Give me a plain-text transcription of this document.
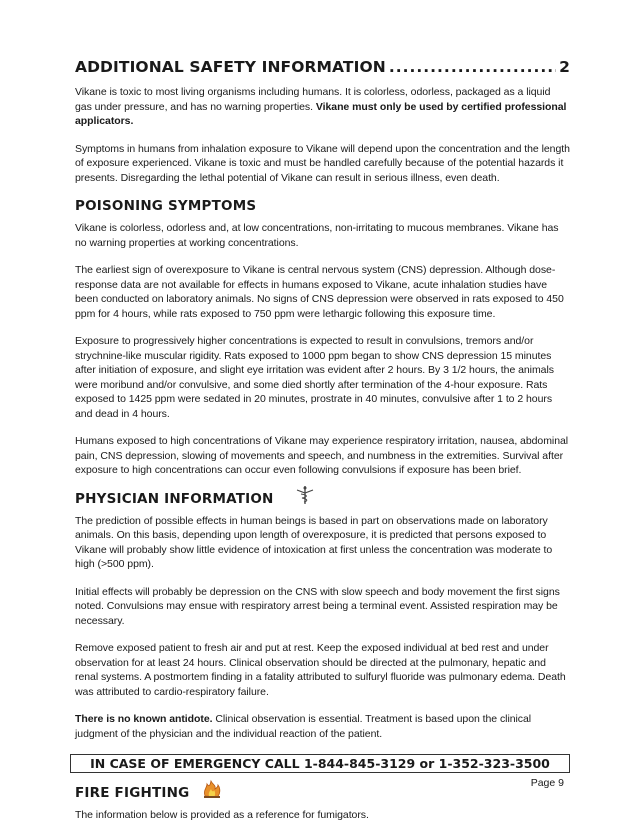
ADDITIONAL SAFETY INFORMATION
.....	2

Vikane is toxic to most living organisms including humans. It is colorless, odorless, packaged as a liquid gas under pressure, and has no warning properties. Vikane must only be used by certified professional applicators.

Symptoms in humans from inhalation exposure to Vikane will depend upon the concentration and the length of exposure experienced. Vikane is toxic and must be handled carefully because of the potential hazards it presents. Disregarding the lethal potential of Vikane can result in serious illness, even death.

POISONING SYMPTOMS

Vikane is colorless, odorless and, at low concentrations, non-irritating to mucous membranes. Vikane has no warning properties at working concentrations.

The earliest sign of overexposure to Vikane is central nervous system (CNS) depression. Although dose-response data are not available for effects in humans exposed to Vikane, acute inhalation studies have been conducted on laboratory animals. No signs of CNS depression were observed in rats exposed to 450 ppm for 4 hours, while rats exposed to 750 ppm were lethargic following this exposure time.

Exposure to progressively higher concentrations is expected to result in convulsions, tremors and/or strychnine-like muscular rigidity. Rats exposed to 1000 ppm began to show CNS depression 15 minutes after initiation of exposure, and slight eye irritation was evident after 2 hours. By 3 1/2 hours, the animals were moribund and/or convulsive, and some died shortly after termination of the 4-hour exposure. Rats exposed to 1425 ppm were sedated in 20 minutes, prostrate in 40 minutes, convulsive after 1 to 2 hours and dead in 4 hours.

Humans exposed to high concentrations of Vikane may experience respiratory irritation, nausea, abdominal pain, CNS depression, slowing of movements and speech, and numbness in the extremities. Survival after exposure to high concentrations can occur even following convulsions if exposure has been brief.

PHYSICIAN INFORMATION

The prediction of possible effects in human beings is based in part on observations made on laboratory animals. On this basis, depending upon length of overexposure, it is predicted that persons exposed to Vikane will probably show little evidence of intoxication at first unless the concentration was moderate to high (>500 ppm).

Initial effects will probably be depression on the CNS with slow speech and body movement the first signs noted. Convulsions may ensue with respiratory arrest being a terminal event. Assisted respiration may be necessary.

Remove exposed patient to fresh air and put at rest. Keep the exposed individual at bed rest and under observation for at least 24 hours. Clinical observation should be directed at the pulmonary, hepatic and renal systems. A postmortem finding in a fatality attributed to sulfuryl fluoride was pulmonary edema. Death was attributed to cardio-respiratory failure.

There is no known antidote. Clinical observation is essential. Treatment is based upon the clinical judgment of the physician and the individual reaction of the patient.

IN CASE OF EMERGENCY CALL 1-844-845-3129 or 1-352-323-3500
FIRE FIGHTING

The information below is provided as a reference for fumigators.

Page 9
